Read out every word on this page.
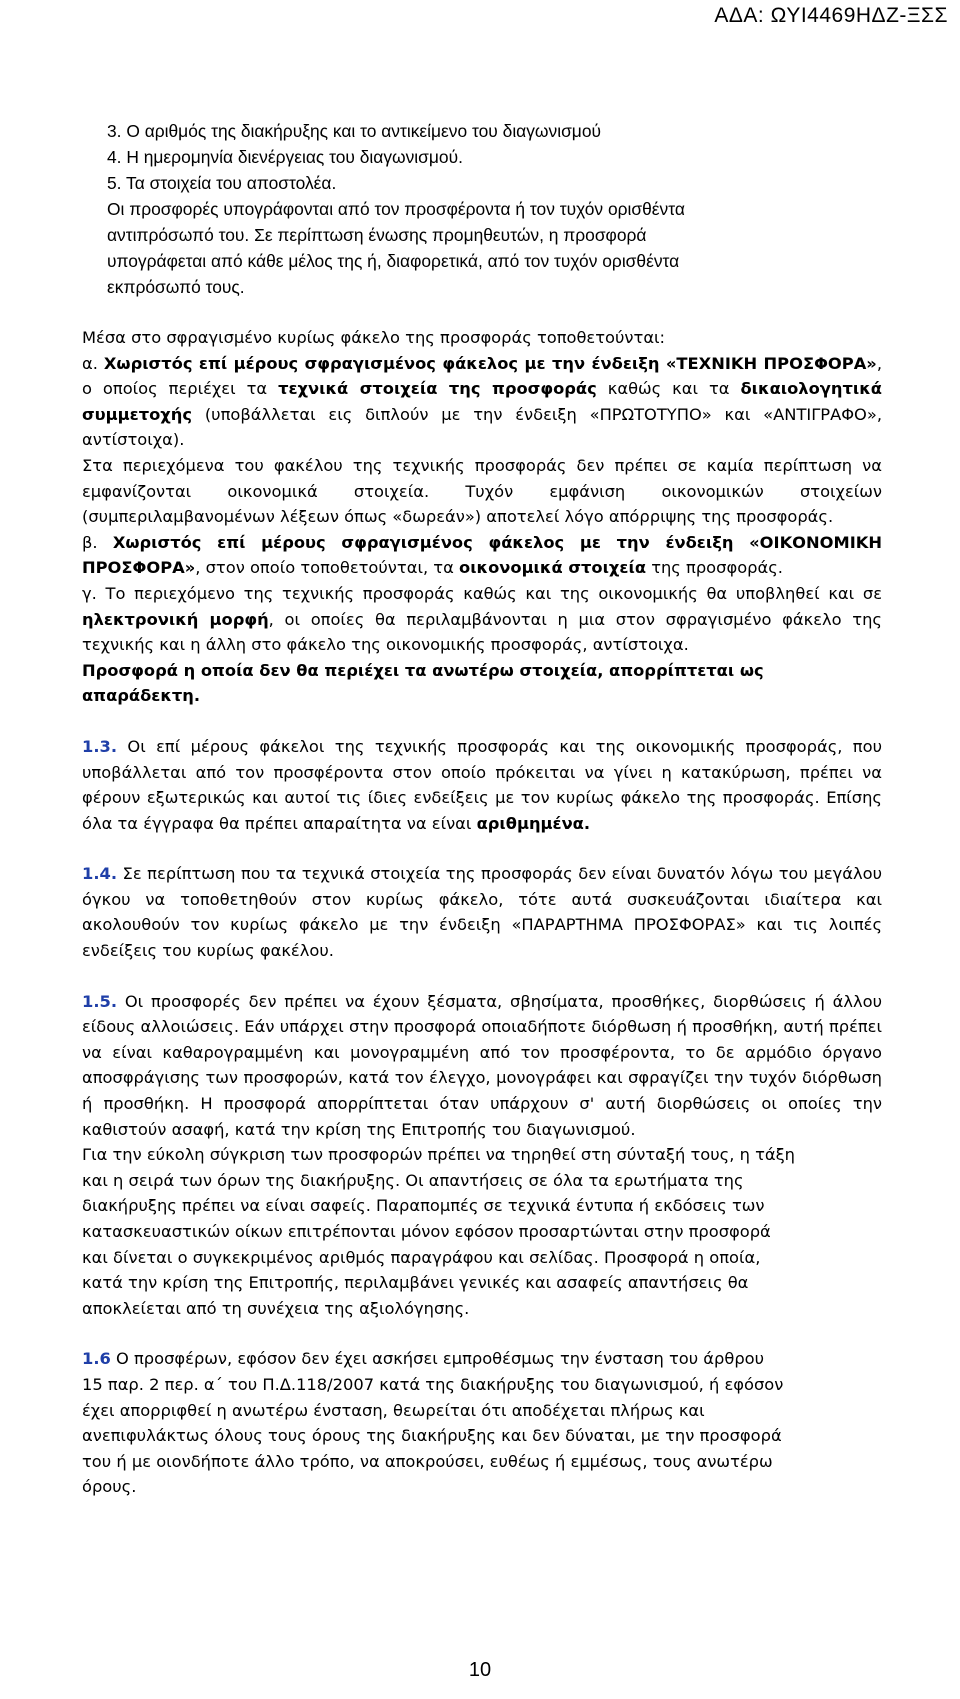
ΑΔΑ: ΩΥΙ4469ΗΔΖ-ΞΣΣ
3. Ο αριθμός της διακήρυξης και το αντικείμενο του διαγωνισμού
4. Η ημερομηνία διενέργειας του διαγωνισμού.
5. Τα στοιχεία του αποστολέα.
Οι προσφορές υπογράφονται από τον προσφέροντα ή τον τυχόν ορισθέντα
αντιπρόσωπό του. Σε περίπτωση ένωσης προμηθευτών, η προσφορά
υπογράφεται από κάθε μέλος της ή, διαφορετικά, από τον τυχόν ορισθέντα
εκπρόσωπό τους.

Μέσα στο σφραγισμένο κυρίως φάκελο της προσφοράς τοποθετούνται:

α. Χωριστός επί μέρους σφραγισμένος φάκελος με την ένδειξη «ΤΕΧΝΙΚΗ ΠΡΟΣΦΟΡΑ», ο οποίος περιέχει τα τεχνικά στοιχεία της προσφοράς καθώς και τα δικαιολογητικά συμμετοχής (υποβάλλεται εις διπλούν με την ένδειξη «ΠΡΩΤΟΤΥΠΟ» και «ΑΝΤΙΓΡΑΦΟ», αντίστοιχα).

Στα περιεχόμενα του φακέλου της τεχνικής προσφοράς δεν πρέπει σε καμία περίπτωση να εμφανίζονται οικονομικά στοιχεία. Τυχόν εμφάνιση οικονομικών στοιχείων (συμπεριλαμβανομένων λέξεων όπως «δωρεάν») αποτελεί λόγο απόρριψης της προσφοράς.

β. Χωριστός επί μέρους σφραγισμένος φάκελος με την ένδειξη «ΟΙΚΟΝΟΜΙΚΗ ΠΡΟΣΦΟΡΑ», στον οποίο τοποθετούνται, τα οικονομικά στοιχεία της προσφοράς.

γ. Το περιεχόμενο της τεχνικής προσφοράς καθώς και της οικονομικής θα υποβληθεί και σε ηλεκτρονική μορφή, οι οποίες θα περιλαμβάνονται η μια στον σφραγισμένο φάκελο της τεχνικής και η άλλη στο φάκελο της οικονομικής προσφοράς, αντίστοιχα.

Προσφορά η οποία δεν θα περιέχει τα ανωτέρω στοιχεία, απορρίπτεται ως απαράδεκτη.

1.3. Οι επί μέρους φάκελοι της τεχνικής προσφοράς και της οικονομικής προσφοράς, που υποβάλλεται από τον προσφέροντα στον οποίο πρόκειται να γίνει η κατακύρωση, πρέπει να φέρουν εξωτερικώς και αυτοί τις ίδιες ενδείξεις με τον κυρίως φάκελο της προσφοράς. Επίσης όλα τα έγγραφα θα πρέπει απαραίτητα να είναι αριθμημένα.

1.4. Σε περίπτωση που τα τεχνικά στοιχεία της προσφοράς δεν είναι δυνατόν λόγω του μεγάλου όγκου να τοποθετηθούν στον κυρίως φάκελο, τότε αυτά συσκευάζονται ιδιαίτερα και ακολουθούν τον κυρίως φάκελο με την ένδειξη «ΠΑΡΑΡΤΗΜΑ ΠΡΟΣΦΟΡΑΣ» και τις λοιπές ενδείξεις του κυρίως φακέλου.

1.5. Οι προσφορές δεν πρέπει να έχουν ξέσματα, σβησίματα, προσθήκες, διορθώσεις ή άλλου είδους αλλοιώσεις. Εάν υπάρχει στην προσφορά οποιαδήποτε διόρθωση ή προσθήκη, αυτή πρέπει να είναι καθαρογραμμένη και μονογραμμένη από τον προσφέροντα, το δε αρμόδιο όργανο αποσφράγισης των προσφορών, κατά τον έλεγχο, μονογράφει και σφραγίζει την τυχόν διόρθωση ή προσθήκη. Η προσφορά απορρίπτεται όταν υπάρχουν σ' αυτή διορθώσεις οι οποίες την καθιστούν ασαφή, κατά την κρίση της Επιτροπής του διαγωνισμού.

Για την εύκολη σύγκριση των προσφορών πρέπει να τηρηθεί στη σύνταξή τους, η τάξη
και η σειρά των όρων της διακήρυξης. Οι απαντήσεις σε όλα τα ερωτήματα της
διακήρυξης πρέπει να είναι σαφείς. Παραπομπές σε τεχνικά έντυπα ή εκδόσεις των
κατασκευαστικών οίκων επιτρέπονται μόνον εφόσον προσαρτώνται στην προσφορά
και δίνεται ο συγκεκριμένος αριθμός παραγράφου και σελίδας. Προσφορά η οποία,
κατά την κρίση της Επιτροπής, περιλαμβάνει γενικές και ασαφείς απαντήσεις θα
αποκλείεται από τη συνέχεια της αξιολόγησης.
1.6 Ο προσφέρων, εφόσον δεν έχει ασκήσει εμπροθέσμως την ένσταση του άρθρου
15 παρ. 2 περ. α΄ του Π.Δ.118/2007 κατά της διακήρυξης του διαγωνισμού, ή εφόσον
έχει απορριφθεί η ανωτέρω ένσταση, θεωρείται ότι αποδέχεται πλήρως και
ανεπιφυλάκτως όλους τους όρους της διακήρυξης και δεν δύναται, με την προσφορά
του ή με οιονδήποτε άλλο τρόπο, να αποκρούσει, ευθέως ή εμμέσως, τους ανωτέρω
όρους.
10
